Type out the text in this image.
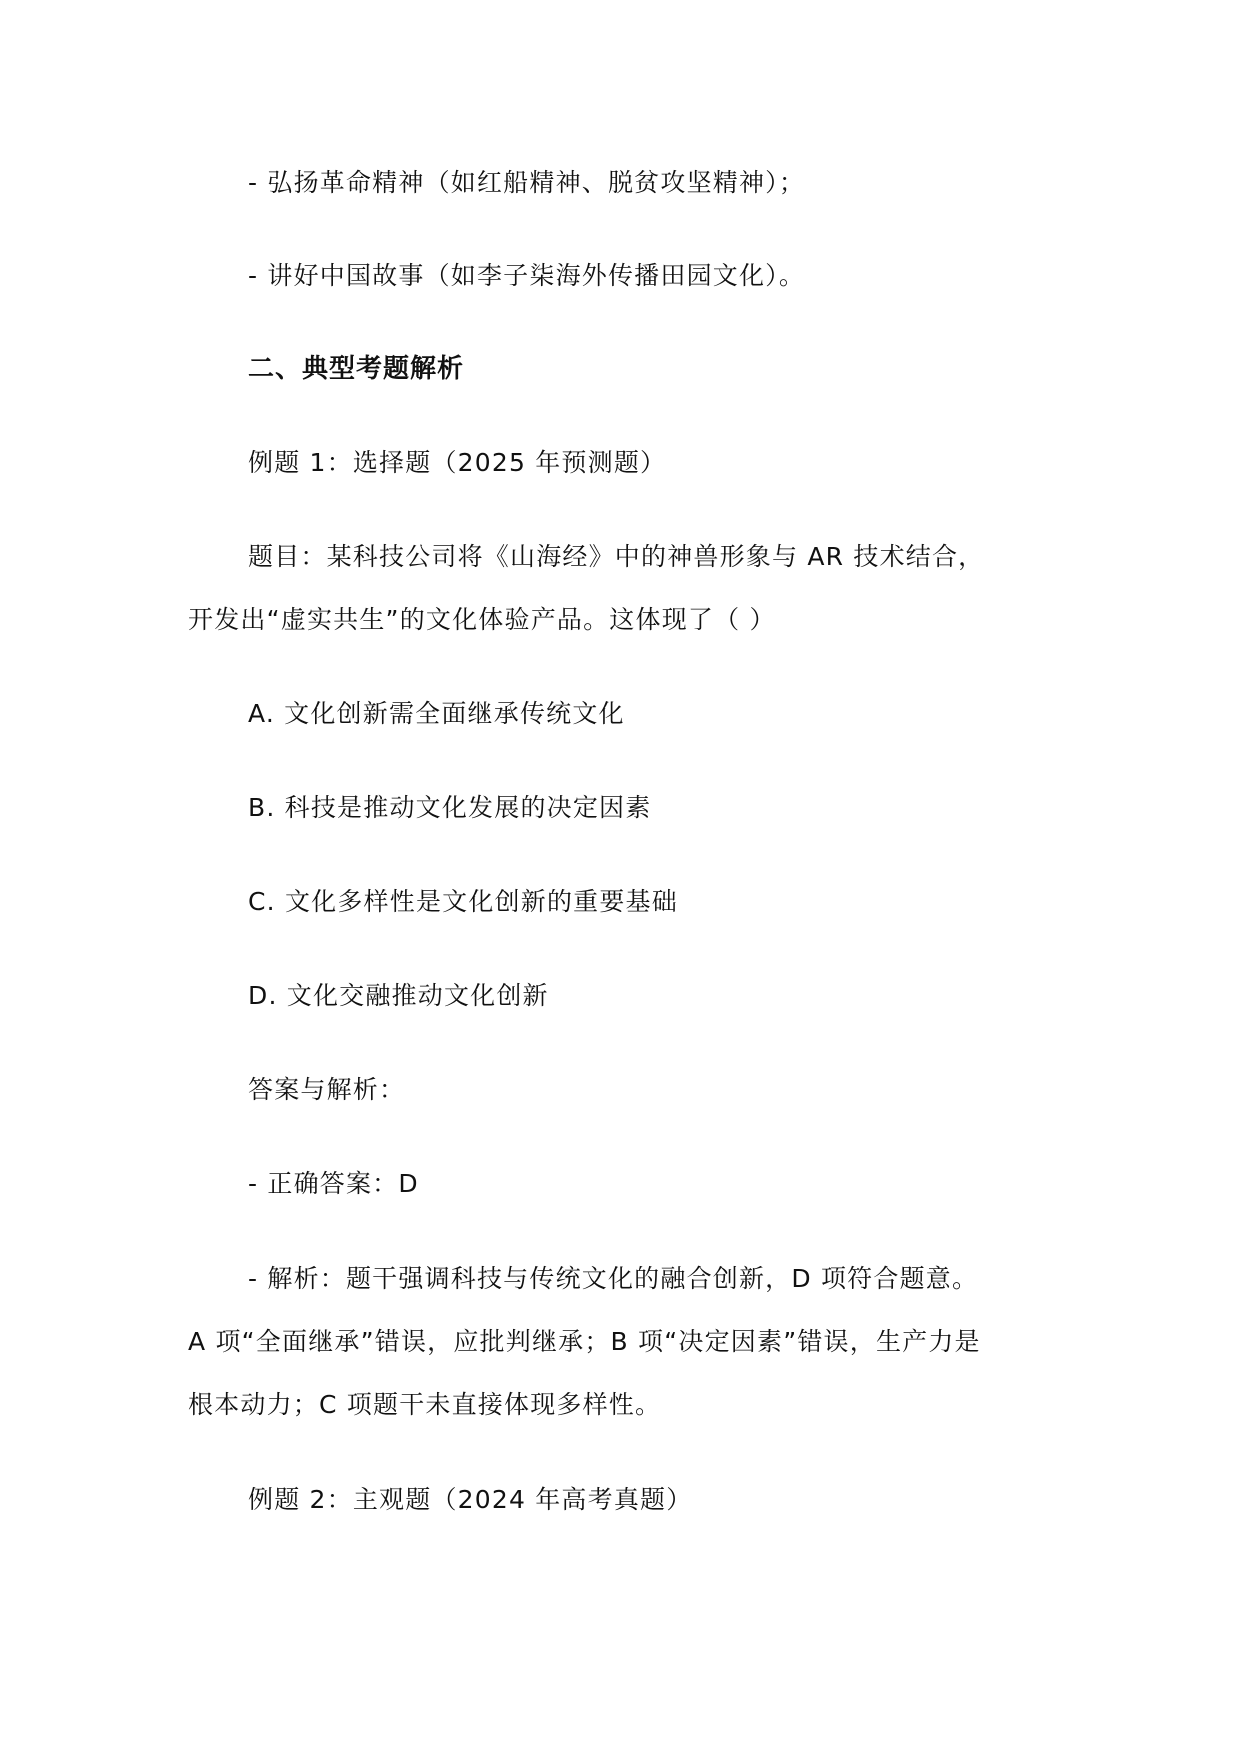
- 弘扬革命精神（如红船精神、脱贫攻坚精神）；

- 讲好中国故事（如李子柒海外传播田园文化）。

二、典型考题解析

例题 1：选择题（2025 年预测题）

题目：某科技公司将《山海经》中的神兽形象与 AR 技术结合，

开发出“虚实共生”的文化体验产品。这体现了（ ）

A. 文化创新需全面继承传统文化

B. 科技是推动文化发展的决定因素

C. 文化多样性是文化创新的重要基础

D. 文化交融推动文化创新

答案与解析：

- 正确答案：D

- 解析：题干强调科技与传统文化的融合创新，D 项符合题意。

A 项“全面继承”错误，应批判继承；B 项“决定因素”错误，生产力是

根本动力；C 项题干未直接体现多样性。

例题 2：主观题（2024 年高考真题）
